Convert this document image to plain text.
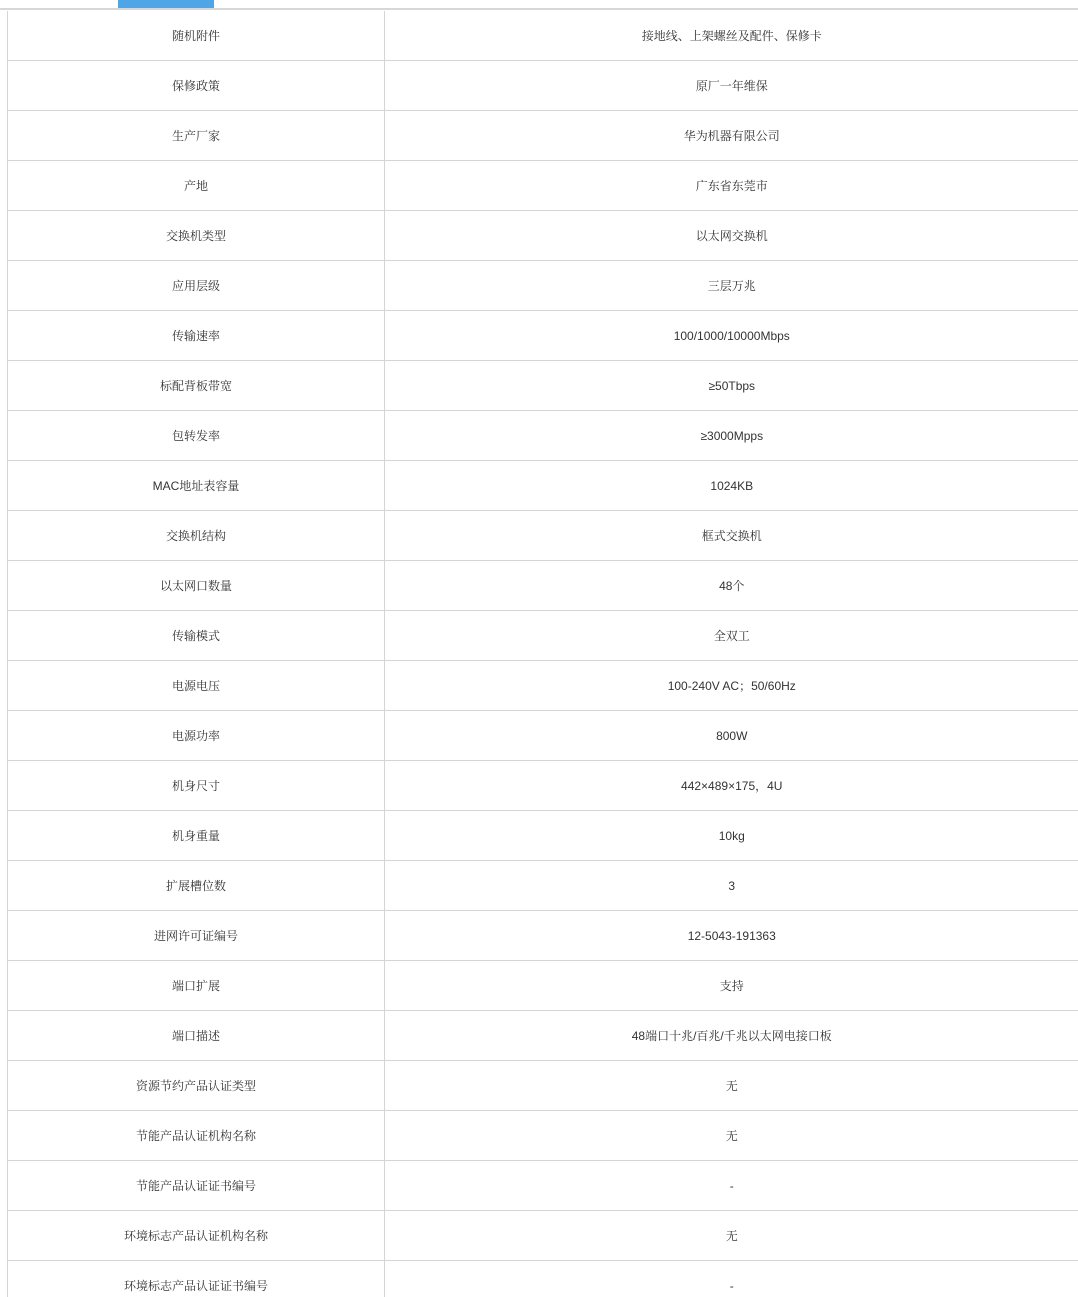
随机附件	接地线、上架螺丝及配件、保修卡
保修政策	原厂一年维保
生产厂家	华为机器有限公司
产地	广东省东莞市
交换机类型	以太网交换机
应用层级	三层万兆
传输速率	100/1000/10000Mbps
标配背板带宽	≥50Tbps
包转发率	≥3000Mpps
MAC地址表容量	1024KB
交换机结构	框式交换机
以太网口数量	48个
传输模式	全双工
电源电压	100-240V AC；50/60Hz
电源功率	800W
机身尺寸	442×489×175，4U
机身重量	10kg
扩展槽位数	3
进网许可证编号	12-5043-191363
端口扩展	支持
端口描述	48端口十兆/百兆/千兆以太网电接口板
资源节约产品认证类型	无
节能产品认证机构名称	无
节能产品认证证书编号	-
环境标志产品认证机构名称	无
环境标志产品认证证书编号	-
